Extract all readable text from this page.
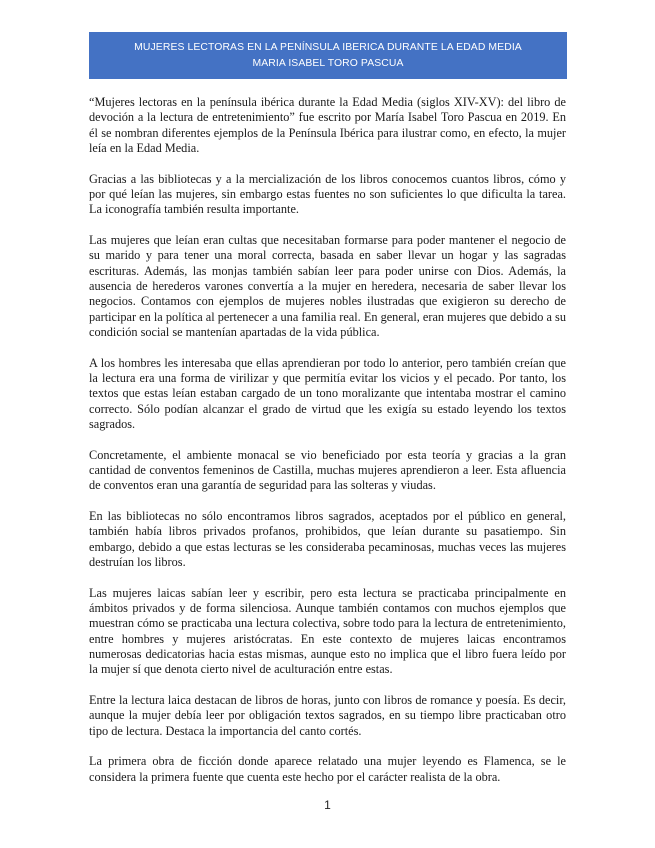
MUJERES LECTORAS EN LA PENÍNSULA IBERICA DURANTE LA EDAD MEDIA
MARIA ISABEL TORO PASCUA

“Mujeres lectoras en la península ibérica durante la Edad Media (siglos XIV-XV): del libro de devoción a la lectura de entretenimiento” fue escrito por María Isabel Toro Pascua en 2019. En él se nombran diferentes ejemplos de la Península Ibérica para ilustrar como, en efecto, la mujer leía en la Edad Media.

Gracias a las bibliotecas y a la mercialización de los libros conocemos cuantos libros, cómo y por qué leían las mujeres, sin embargo estas fuentes no son suficientes lo que dificulta la tarea. La iconografía también resulta importante.

Las mujeres que leían eran cultas que necesitaban formarse para poder mantener el negocio de su marido y para tener una moral correcta, basada en saber llevar un hogar y las sagradas escrituras. Además, las monjas también sabían leer para poder unirse con Dios. Además, la ausencia de herederos varones convertía a la mujer en heredera, necesaria de saber llevar los negocios. Contamos con ejemplos de mujeres nobles ilustradas que exigieron su derecho de participar en la política al pertenecer a una familia real. En general, eran mujeres que debido a su condición social se mantenían apartadas de la vida pública.

A los hombres les interesaba que ellas aprendieran por todo lo anterior, pero también creían que la lectura era una forma de virilizar y que permitía evitar los vicios y el pecado. Por tanto, los textos que estas leían estaban cargado de un tono moralizante que intentaba mostrar el camino correcto. Sólo podían alcanzar el grado de virtud que les exigía su estado leyendo los textos sagrados.

Concretamente, el ambiente monacal se vio beneficiado por esta teoría y gracias a la gran cantidad de conventos femeninos de Castilla, muchas mujeres aprendieron a leer. Esta afluencia de conventos eran una garantía de seguridad para las solteras y viudas.

En las bibliotecas no sólo encontramos libros sagrados, aceptados por el público en general, también había libros privados profanos, prohibidos, que leían durante su pasatiempo. Sin embargo, debido a que estas lecturas se les consideraba pecaminosas, muchas veces las mujeres destruían los libros.

Las mujeres laicas sabían leer y escribir, pero esta lectura se practicaba principalmente en ámbitos privados y de forma silenciosa. Aunque también contamos con muchos ejemplos que muestran cómo se practicaba una lectura colectiva, sobre todo para la lectura de entretenimiento, entre hombres y mujeres aristócratas. En este contexto de mujeres laicas encontramos numerosas dedicatorias hacia estas mismas, aunque esto no implica que el libro fuera leído por la mujer sí que denota cierto nivel de aculturación entre estas.

Entre la lectura laica destacan de libros de horas, junto con libros de romance y poesía. Es decir, aunque la mujer debía leer por obligación textos sagrados, en su tiempo libre practicaban otro tipo de lectura. Destaca la importancia del canto cortés.

La primera obra de ficción donde aparece relatado una mujer leyendo es Flamenca, se le considera la primera fuente que cuenta este hecho por el carácter realista de la obra.

1
